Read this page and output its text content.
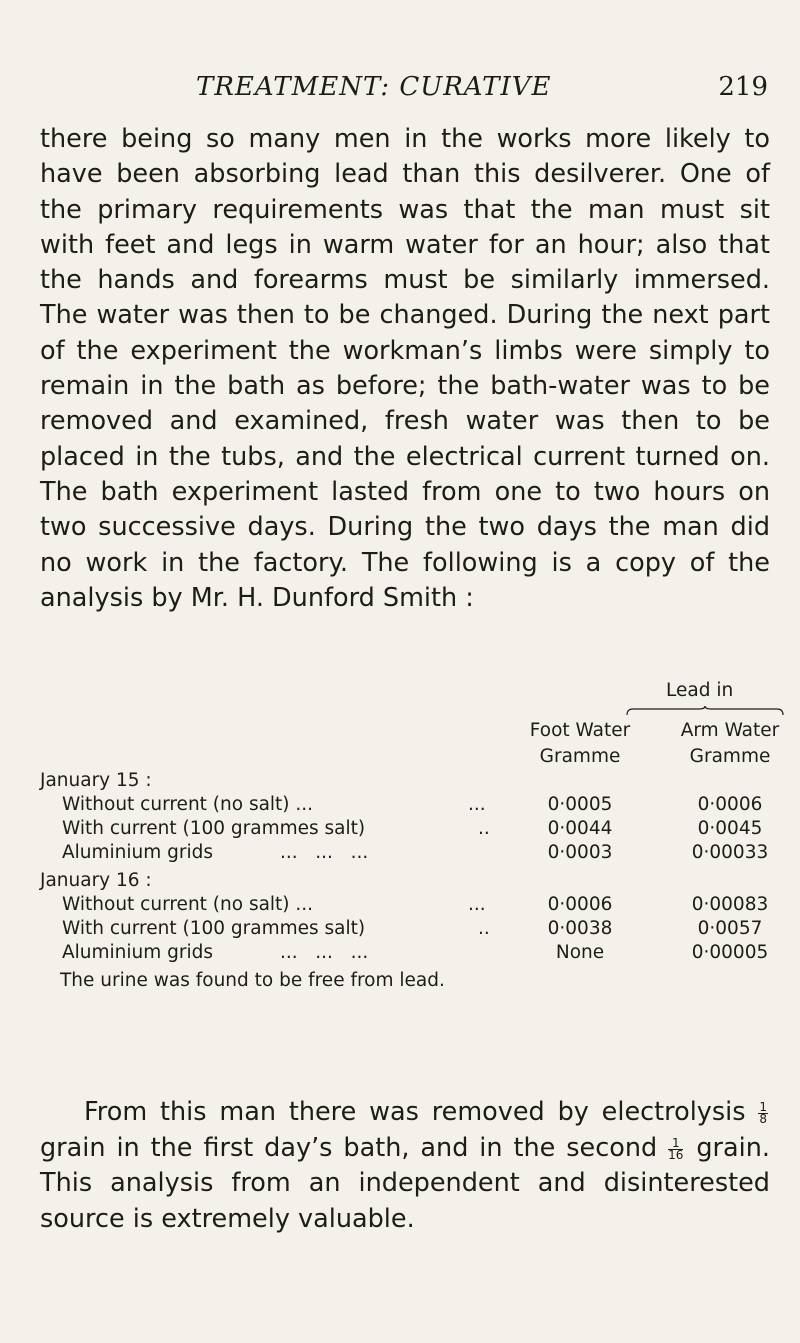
TREATMENT: CURATIVE	219

there being so many men in the works more likely to have been absorbing lead than this desilverer. One of the primary requirements was that the man must sit with feet and legs in warm water for an hour; also that the hands and forearms must be similarly immersed. The water was then to be changed. During the next part of the experiment the workman’s limbs were simply to remain in the bath as before; the bath-water was to be removed and examined, fresh water was then to be placed in the tubs, and the electrical current turned on. The bath experiment lasted from one to two hours on two successive days. During the two days the man did no work in the factory. The following is a copy of the analysis by Mr. H. Dunford Smith :

Lead in
Foot Water	Arm Water
Gramme	Gramme
January 15 :
Without current (no salt) ...	...	0·0005	0·0006
With current (100 grammes salt)	..	0·0044	0·0045
Aluminium grids	...   ...   ...	0·0003	0·00033
January 16 :
Without current (no salt) ...	...	0·0006	0·00083
With current (100 grammes salt)	..	0·0038	0·0057
Aluminium grids	...   ...   ...	None	0·00005
The urine was found to be free from lead.

From this man there was removed by electrolysis $\frac{1}{8}$
grain in the first day’s bath, and in the second $\frac{1}{16}$ grain. This analysis from an independent and disinterested source is extremely valuable.
